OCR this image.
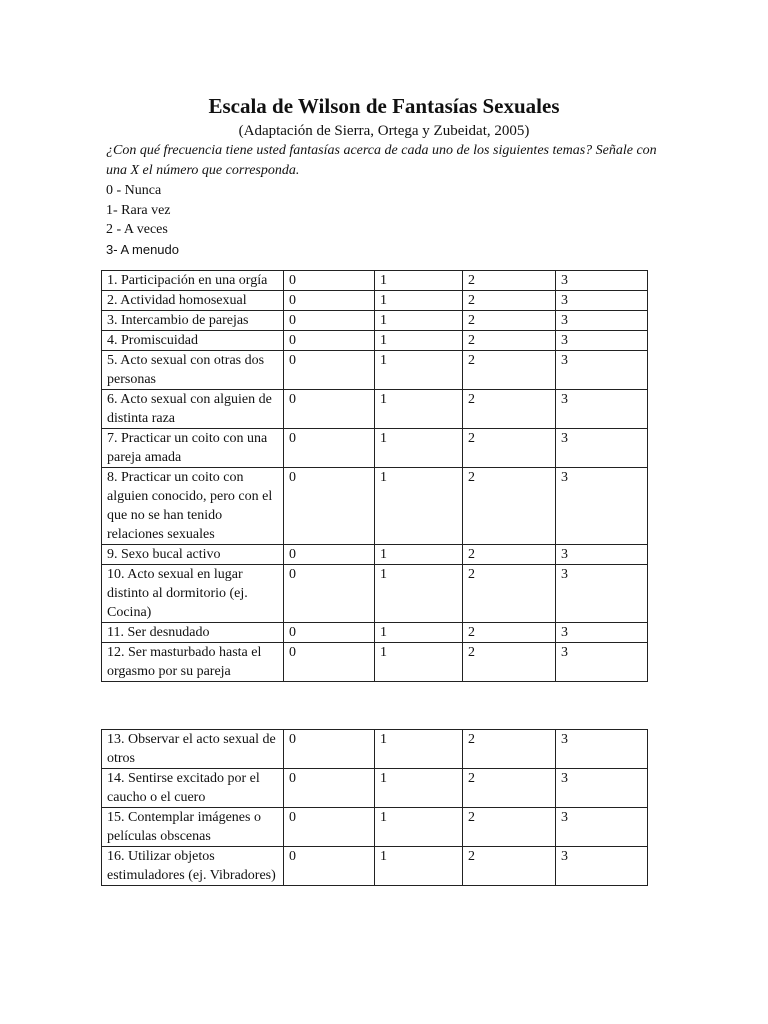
Escala de Wilson de Fantasías Sexuales
(Adaptación de Sierra, Ortega y Zubeidat, 2005)
¿Con qué frecuencia tiene usted fantasías acerca de cada uno de los siguientes temas? Señale con una X el número que corresponda.
0 - Nunca
1- Rara vez
2 - A veces
3- A menudo
1. Participación en una orgía	0	1	2	3
2. Actividad homosexual	0	1	2	3
3. Intercambio de parejas	0	1	2	3
4. Promiscuidad	0	1	2	3
5. Acto sexual con otras dos personas	0	1	2	3
6. Acto sexual con alguien de distinta raza	0	1	2	3
7. Practicar un coito con una pareja amada	0	1	2	3
8. Practicar un coito con alguien conocido, pero con el que no se han tenido relaciones sexuales	0	1	2	3
9. Sexo bucal activo	0	1	2	3
10. Acto sexual en lugar distinto al dormitorio (ej. Cocina)	0	1	2	3
11. Ser desnudado	0	1	2	3
12. Ser masturbado hasta el orgasmo por su pareja	0	1	2	3
13. Observar el acto sexual de otros	0	1	2	3
14. Sentirse excitado por el caucho o el cuero	0	1	2	3
15. Contemplar imágenes o películas obscenas	0	1	2	3
16. Utilizar objetos estimuladores (ej. Vibradores)	0	1	2	3
